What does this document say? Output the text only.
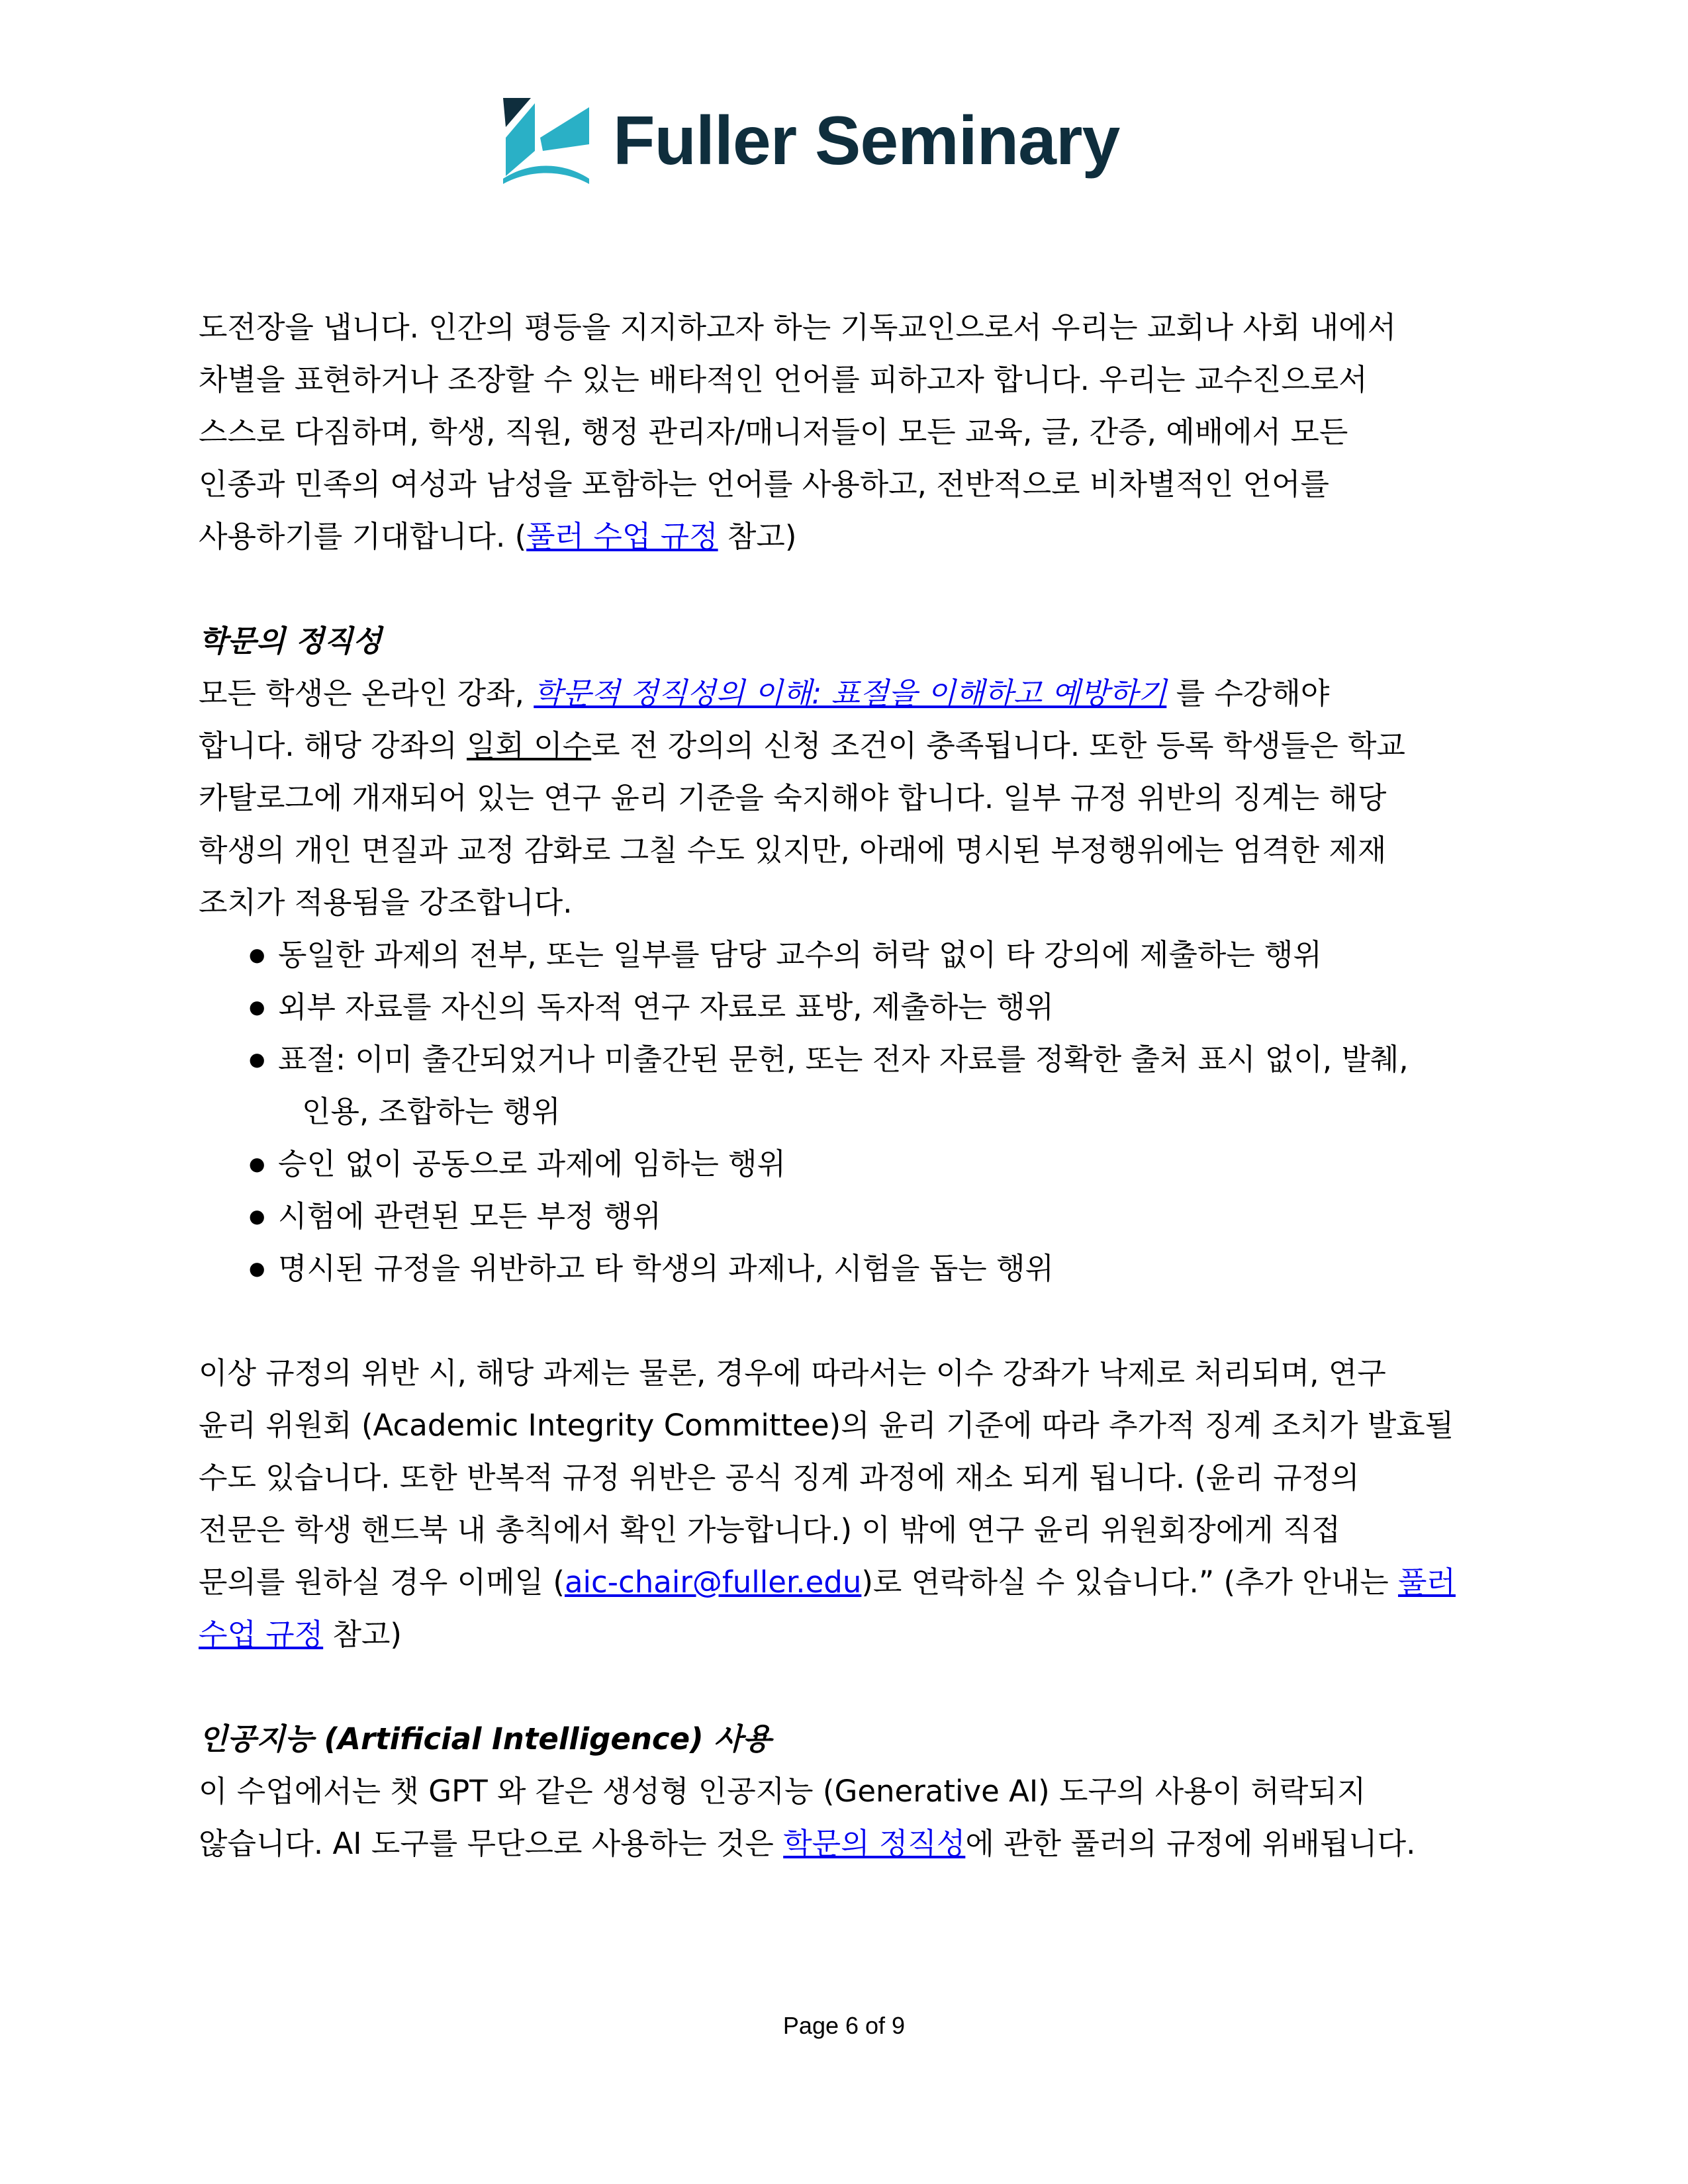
Fuller Seminary

도전장을 냅니다. 인간의 평등을 지지하고자 하는 기독교인으로서 우리는 교회나 사회 내에서

차별을 표현하거나 조장할 수 있는 배타적인 언어를 피하고자 합니다. 우리는 교수진으로서

스스로 다짐하며, 학생, 직원, 행정 관리자/매니저들이 모든 교육, 글, 간증, 예배에서 모든

인종과 민족의 여성과 남성을 포함하는 언어를 사용하고, 전반적으로 비차별적인 언어를

사용하기를 기대합니다. (풀러 수업 규정 참고)

학문의 정직성

모든 학생은 온라인 강좌, 학문적 정직성의 이해: 표절을 이해하고 예방하기 를 수강해야

합니다. 해당 강좌의 일회 이수로 전 강의의 신청 조건이 충족됩니다. 또한 등록 학생들은 학교

카탈로그에 개재되어 있는 연구 윤리 기준을 숙지해야 합니다. 일부 규정 위반의 징계는 해당

학생의 개인 면질과 교정 감화로 그칠 수도 있지만, 아래에 명시된 부정행위에는 엄격한 제재

조치가 적용됨을 강조합니다.

● 동일한 과제의 전부, 또는 일부를 담당 교수의 허락 없이 타 강의에 제출하는 행위
● 외부 자료를 자신의 독자적 연구 자료로 표방, 제출하는 행위
● 표절: 이미 출간되었거나 미출간된 문헌, 또는 전자 자료를 정확한 출처 표시 없이, 발췌,
인용, 조합하는 행위
● 승인 없이 공동으로 과제에 임하는 행위
● 시험에 관련된 모든 부정 행위
● 명시된 규정을 위반하고 타 학생의 과제나, 시험을 돕는 행위

이상 규정의 위반 시, 해당 과제는 물론, 경우에 따라서는 이수 강좌가 낙제로 처리되며, 연구

윤리 위원회 (Academic Integrity Committee)의 윤리 기준에 따라 추가적 징계 조치가 발효될

수도 있습니다. 또한 반복적 규정 위반은 공식 징계 과정에 재소 되게 됩니다. (윤리 규정의

전문은 학생 핸드북 내 총칙에서 확인 가능합니다.) 이 밖에 연구 윤리 위원회장에게 직접

문의를 원하실 경우 이메일 (aic-chair@fuller.edu)로 연락하실 수 있습니다.” (추가 안내는 풀러

수업 규정 참고)

인공지능 (Artificial Intelligence) 사용

이 수업에서는 챗 GPT 와 같은 생성형 인공지능 (Generative AI) 도구의 사용이 허락되지

않습니다. AI 도구를 무단으로 사용하는 것은 학문의 정직성에 관한 풀러의 규정에 위배됩니다.

Page 6 of 9
